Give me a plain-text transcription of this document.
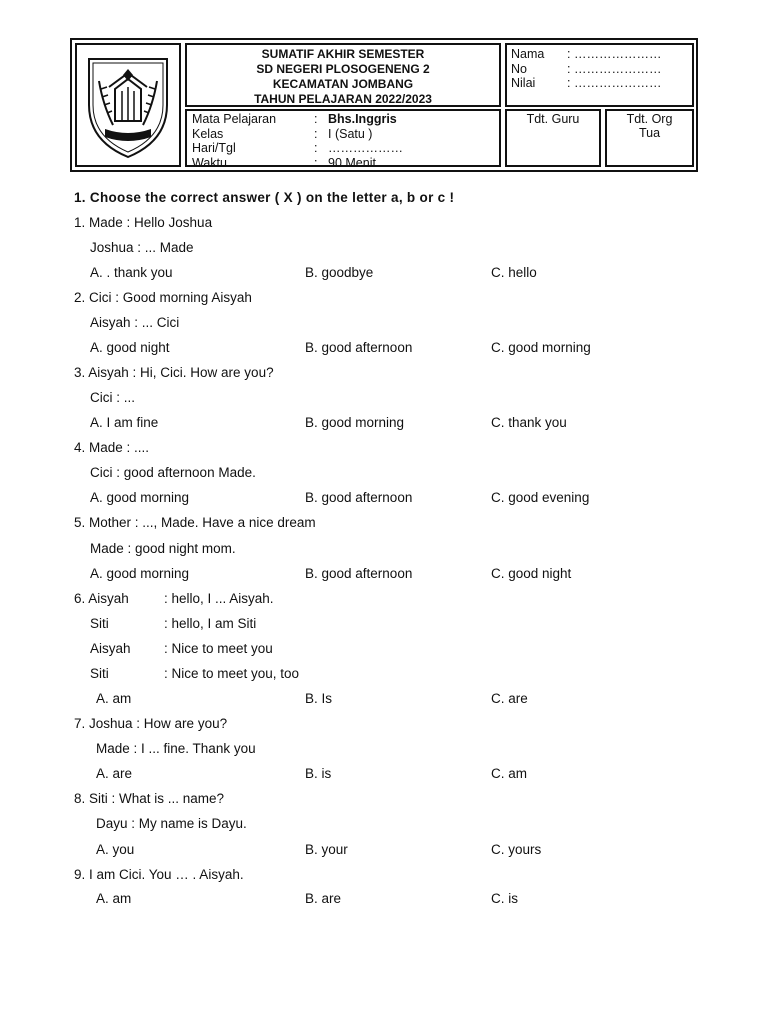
SUMATIF AKHIR SEMESTER
SD NEGERI PLOSOGENENG 2
KECAMATAN JOMBANG
TAHUN PELAJARAN 2022/2023
Nama	: …………………
No	: …………………
Nilai	: …………………
Mata Pelajaran	: Bhs.Inggris
Kelas	: I (Satu )
Hari/Tgl	: ………………
Waktu	: 90 Menit
Tdt. Guru	Tdt. Org
Tua
1. Choose the correct answer ( X ) on the letter a, b or c !
1. Made : Hello Joshua
Joshua : ... Made
A. . thank you	B. goodbye	C. hello
2. Cici : Good morning Aisyah
Aisyah : ... Cici
A. good night	B. good afternoon	C. good morning
3. Aisyah : Hi, Cici. How are you?
Cici : ...
A. I am fine	B. good morning	C. thank you
4. Made : ....
Cici : good afternoon Made.
A. good morning	B. good afternoon	C. good evening
5. Mother : ..., Made. Have a nice dream
Made : good night mom.
A. good morning	B. good afternoon	C. good night
6. Aisyah	: hello, I ... Aisyah.
Siti	: hello, I am Siti
Aisyah : Nice to meet you
Siti	: Nice to meet you, too
A. am	B. Is	C. are
7. Joshua : How are you?
Made : I ... fine. Thank you
A. are	B. is	C. am
8. Siti : What is ... name?
Dayu : My name is Dayu.
A. you	B. your	C. yours
9. I am Cici. You … . Aisyah.
A. am	B. are	C. is
